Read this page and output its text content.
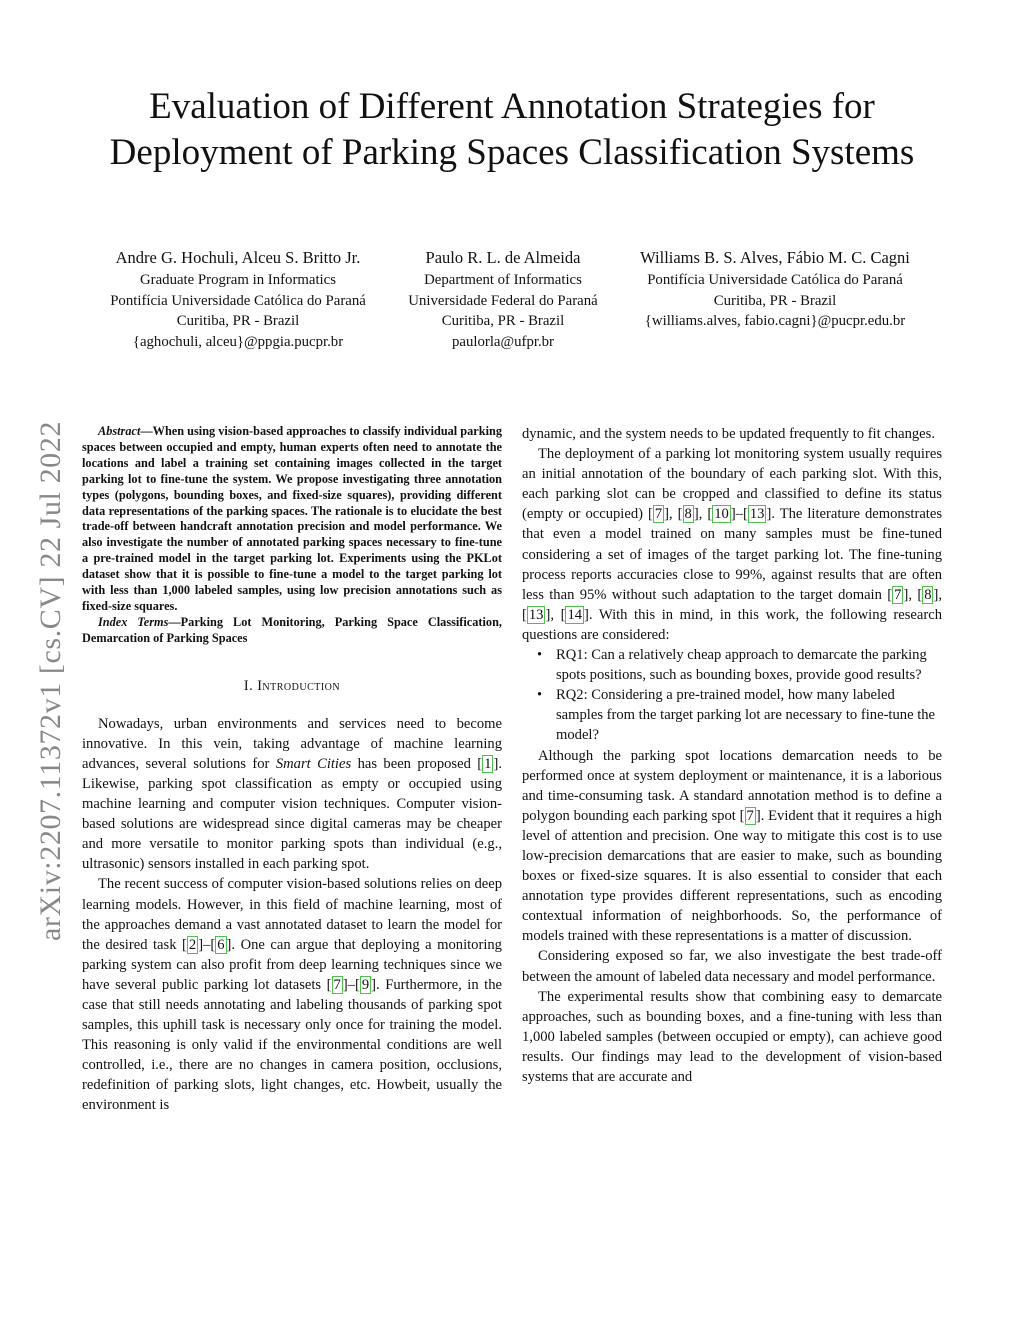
arXiv:2207.11372v1 [cs.CV] 22 Jul 2022
Evaluation of Different Annotation Strategies for Deployment of Parking Spaces Classification Systems
Andre G. Hochuli, Alceu S. Britto Jr.
Graduate Program in Informatics
Pontifícia Universidade Católica do Paraná
Curitiba, PR - Brazil
{aghochuli, alceu}@ppgia.pucpr.br
Paulo R. L. de Almeida
Department of Informatics
Universidade Federal do Paraná
Curitiba, PR - Brazil
paulorla@ufpr.br
Williams B. S. Alves, Fábio M. C. Cagni
Pontifícia Universidade Católica do Paraná
Curitiba, PR - Brazil
{williams.alves, fabio.cagni}@pucpr.edu.br

Abstract—When using vision-based approaches to classify individual parking spaces between occupied and empty, human experts often need to annotate the locations and label a training set containing images collected in the target parking lot to fine-tune the system. We propose investigating three annotation types (polygons, bounding boxes, and fixed-size squares), providing different data representations of the parking spaces. The rationale is to elucidate the best trade-off between handcraft annotation precision and model performance. We also investigate the number of annotated parking spaces necessary to fine-tune a pre-trained model in the target parking lot. Experiments using the PKLot dataset show that it is possible to fine-tune a model to the target parking lot with less than 1,000 labeled samples, using low precision annotations such as fixed-size squares.

Index Terms—Parking Lot Monitoring, Parking Space Classification, Demarcation of Parking Spaces

I. Introduction

Nowadays, urban environments and services need to become innovative. In this vein, taking advantage of machine learning advances, several solutions for Smart Cities has been proposed [ 1 ]. Likewise, parking spot classification as empty or occupied using machine learning and computer vision techniques. Computer vision-based solutions are widespread since digital cameras may be cheaper and more versatile to monitor parking spots than individual (e.g., ultrasonic) sensors installed in each parking spot.

The recent success of computer vision-based solutions relies on deep learning models. However, in this field of machine learning, most of the approaches demand a vast annotated dataset to learn the model for the desired task [ 2 ]–[ 6 ]. One can argue that deploying a monitoring parking system can also profit from deep learning techniques since we have several public parking lot datasets [ 7 ]–[ 9 ]. Furthermore, in the case that still needs annotating and labeling thousands of parking spot samples, this uphill task is necessary only once for training the model. This reasoning is only valid if the environmental conditions are well controlled, i.e., there are no changes in camera position, occlusions, redefinition of parking slots, light changes, etc. Howbeit, usually the environment is

dynamic, and the system needs to be updated frequently to fit changes.

The deployment of a parking lot monitoring system usually requires an initial annotation of the boundary of each parking slot. With this, each parking slot can be cropped and classified to define its status (empty or occupied) [ 7 ], [ 8 ], [ 10 ]–[ 13 ]. The literature demonstrates that even a model trained on many samples must be fine-tuned considering a set of images of the target parking lot. The fine-tuning process reports accuracies close to 99%, against results that are often less than 95% without such adaptation to the target domain [ 7 ], [ 8 ], [ 13 ], [ 14 ]. With this in mind, in this work, the following research questions are considered:

• RQ1: Can a relatively cheap approach to demarcate the parking spots positions, such as bounding boxes, provide good results?
• RQ2: Considering a pre-trained model, how many labeled samples from the target parking lot are necessary to fine-tune the model?

Although the parking spot locations demarcation needs to be performed once at system deployment or maintenance, it is a laborious and time-consuming task. A standard annotation method is to define a polygon bounding each parking spot [ 7 ]. Evident that it requires a high level of attention and precision. One way to mitigate this cost is to use low-precision demarcations that are easier to make, such as bounding boxes or fixed-size squares. It is also essential to consider that each annotation type provides different representations, such as encoding contextual information of neighborhoods. So, the performance of models trained with these representations is a matter of discussion.

Considering exposed so far, we also investigate the best trade-off between the amount of labeled data necessary and model performance.

The experimental results show that combining easy to demarcate approaches, such as bounding boxes, and a fine-tuning with less than 1,000 labeled samples (between occupied or empty), can achieve good results. Our findings may lead to the development of vision-based systems that are accurate and
